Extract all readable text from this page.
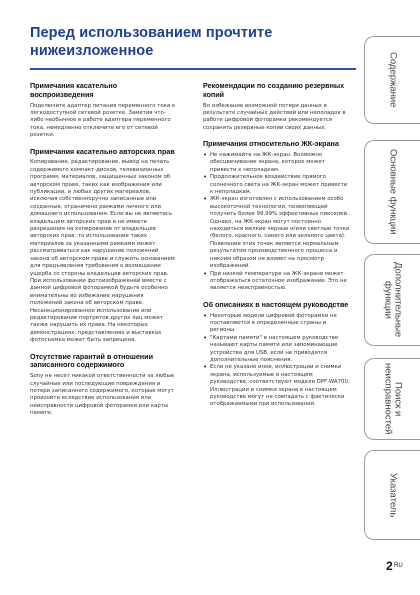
Перед использованием прочтите нижеизложенное
Примечания касательно воспроизведения
Подключите адаптер питания переменного тока к легкодоступной сетевой розетке. Заметив что-либо необычное в работе адаптера переменного тока, немедленно отключите его от сетевой розетки.
Примечания касательно авторских прав
Копирование, редактирование, вывод на печать содержимого компакт-дисков, телевизионных программ, материалов, защищенных законом об авторском праве, таких как изображения или публикации, и любых других материалов, исключая собственноручно записанные или созданные, ограничено рамками личного или домашнего использования. Если вы не являетесь владельцем авторских прав и не имеете разрешения на копирование от владельцев авторских прав, то использование таких материалов за указанными рамками может рассматриваться как нарушение положений закона об авторском праве и служить основанием для предъявления требования о возмещении ущерба со стороны владельцев авторских прав. При использовании фотоизображений вместе с данной цифровой фоторамкой будьте особенно внимательны во избежание нарушения положений закона об авторском праве. Несанкционированное использование или редактирование портретов других лиц может также нарушить их права. На некоторых демонстрациях, представлениях и выставках фотосъемка может быть запрещена.
Отсутствие гарантий в отношении записанного содержимого
Sony не несет никакой ответственности за любые случайные или последующие повреждения и потери записанного содержимого, которые могут произойти вследствие использования или неисправности цифровой фоторамки или карты памяти.
Рекомендации по созданию резервных копий
Во избежание возможной потери данных в результате случайных действий или неполадок в работе цифровой фоторамки рекомендуется сохранять резервные копии своих данных.
Примечания относительно ЖК-экрана
• Не нажимайте на ЖК-экран. Возможно обесцвечивание экрана, которое может привести к неполадкам.
• Продолжительное воздействие прямого солнечного света на ЖК-экран может привести к неполадкам.
• ЖК-экран изготовлен с использованием особо высокоточной технологии, позволяющей получить более 99,99% эффективных пикселей. Однако, на ЖК-экран могут постоянно находиться мелкие черные и/или светлые точки (белого, красного, синего или зеленого цвета). Появление этих точек является нормальным результатом производственного процесса и никоим образом не влияет на просмотр изображений.
• При низкой температуре на ЖК-экране может отображаться остаточное изображение. Это не является неисправностью.
Об описаниях в настоящем руководстве
• Некоторые модели цифровой фоторамки не поставляются в определенные страны и регионы.
• "Картами памяти" в настоящем руководстве называют карты памяти или запоминающие устройства для USB, если не приводятся дополнительные пояснения.
• Если не указано иное, иллюстрации и снимки экрана, используемые в настоящем руководстве, соответствуют модели DPF-WA700. Иллюстрации и снимки экрана в настоящем руководстве могут не совпадать с фактически отображаемыми при использовании.
Содержание
Основные функции
Дополнительные функции
Поиск и неисправностей
Указатель
2 RU
